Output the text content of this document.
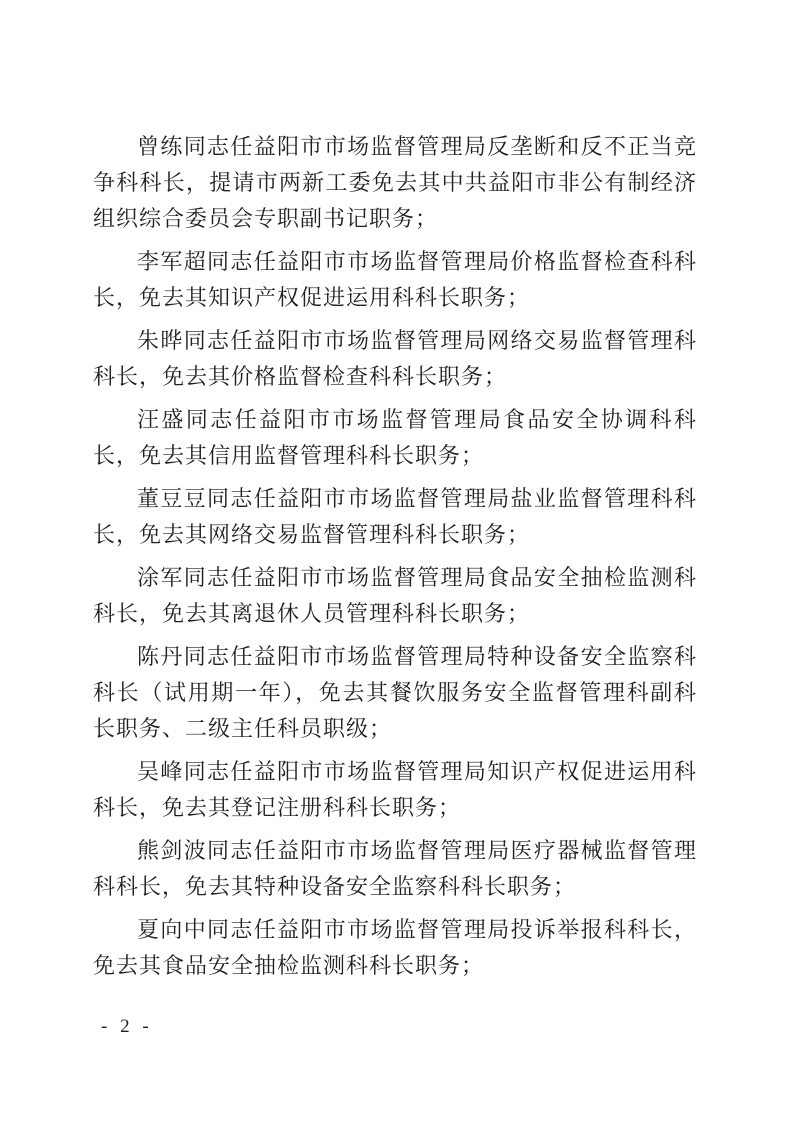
曾练同志任益阳市市场监督管理局反垄断和反不正当竞争科科长，提请市两新工委免去其中共益阳市非公有制经济组织综合委员会专职副书记职务；

李军超同志任益阳市市场监督管理局价格监督检查科科长，免去其知识产权促进运用科科长职务；

朱晔同志任益阳市市场监督管理局网络交易监督管理科科长，免去其价格监督检查科科长职务；

汪盛同志任益阳市市场监督管理局食品安全协调科科长，免去其信用监督管理科科长职务；

董豆豆同志任益阳市市场监督管理局盐业监督管理科科长，免去其网络交易监督管理科科长职务；

涂军同志任益阳市市场监督管理局食品安全抽检监测科科长，免去其离退休人员管理科科长职务；

陈丹同志任益阳市市场监督管理局特种设备安全监察科科长（试用期一年），免去其餐饮服务安全监督管理科副科长职务、二级主任科员职级；

吴峰同志任益阳市市场监督管理局知识产权促进运用科科长，免去其登记注册科科长职务；

熊剑波同志任益阳市市场监督管理局医疗器械监督管理科科长，免去其特种设备安全监察科科长职务；

夏向中同志任益阳市市场监督管理局投诉举报科科长，免去其食品安全抽检监测科科长职务；

- 2 -
